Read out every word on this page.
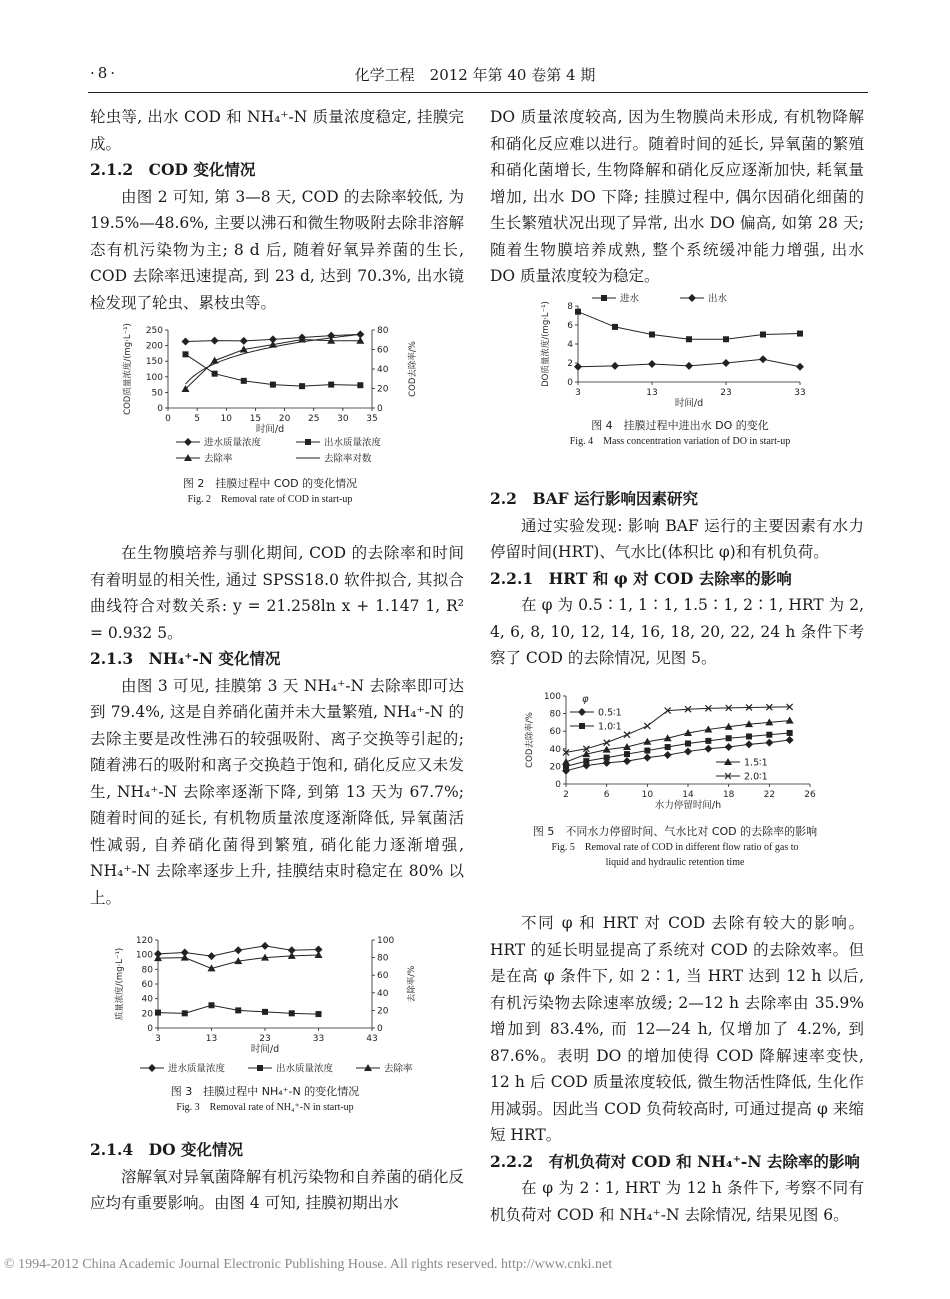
·8·	化学工程　2012 年第 40 卷第 4 期

轮虫等, 出水 COD 和 NH₄⁺-N 质量浓度稳定, 挂膜完成。

2.1.2　COD 变化情况

由图 2 可知, 第 3—8 天, COD 的去除率较低, 为 19.5%—48.6%, 主要以沸石和微生物吸附去除非溶解态有机污染物为主; 8 d 后, 随着好氧异养菌的生长, COD 去除率迅速提高, 到 23 d, 达到 70.3%, 出水镜检发现了轮虫、累枝虫等。

0	5 10 15 20 25 30 35
0
50
100
150
200
250
0
20
40
60
80
时间/d
COD质量浓度/(mg·L⁻¹)	COD去除率/%
进水质量浓度	出水质量浓度
去除率	去除率对数
图 2　挂膜过程中 COD 的变化情况
Fig. 2　Removal rate of COD in start-up

在生物膜培养与驯化期间, COD 的去除率和时间有着明显的相关性, 通过 SPSS18.0 软件拟合, 其拟合曲线符合对数关系: y = 21.258ln x + 1.147 1, R² = 0.932 5。

2.1.3　NH₄⁺-N 变化情况

由图 3 可见, 挂膜第 3 天 NH₄⁺-N 去除率即可达到 79.4%, 这是自养硝化菌并未大量繁殖, NH₄⁺-N 的去除主要是改性沸石的较强吸附、离子交换等引起的; 随着沸石的吸附和离子交换趋于饱和, 硝化反应又未发生, NH₄⁺-N 去除率逐渐下降, 到第 13 天为 67.7%; 随着时间的延长, 有机物质量浓度逐渐降低, 异氧菌活性减弱, 自养硝化菌得到繁殖, 硝化能力逐渐增强, NH₄⁺-N 去除率逐步上升, 挂膜结束时稳定在 80% 以上。

3	13	23	33	43
0
20
40
60
80
100
120
0
20
40
60
80
100
时间/d
质量浓度/(mg·L⁻¹)	去除率/%
进水质量浓度	出水质量浓度	去除率
图 3　挂膜过程中 NH₄⁺-N 的变化情况
Fig. 3　Removal rate of NH₄⁺-N in start-up

2.1.4　DO 变化情况

溶解氧对异氧菌降解有机污染物和自养菌的硝化反应均有重要影响。由图 4 可知, 挂膜初期出水

DO 质量浓度较高, 因为生物膜尚未形成, 有机物降解和硝化反应难以进行。随着时间的延长, 异氧菌的繁殖和硝化菌增长, 生物降解和硝化反应逐渐加快, 耗氧量增加, 出水 DO 下降; 挂膜过程中, 偶尔因硝化细菌的生长繁殖状况出现了异常, 出水 DO 偏高, 如第 28 天; 随着生物膜培养成熟, 整个系统缓冲能力增强, 出水 DO 质量浓度较为稳定。

3	13	23	33
0
2
4
6
8
时间/d
DO质量浓度/(mg·L⁻¹)
进水	出水
图 4　挂膜过程中进出水 DO 的变化
Fig. 4　Mass concentration variation of DO in start-up

2.2　BAF 运行影响因素研究

通过实验发现: 影响 BAF 运行的主要因素有水力停留时间(HRT)、气水比(体积比 φ)和有机负荷。

2.2.1　HRT 和 φ 对 COD 去除率的影响

在 φ 为 0.5∶1, 1∶1, 1.5∶1, 2∶1, HRT 为 2, 4, 6, 8, 10, 12, 14, 16, 18, 20, 22, 24 h 条件下考察了 COD 的去除情况, 见图 5。

2	6	10	14	18	22	26
0
20
40
60
80
100
水力停留时间/h
COD去除率/%
φ
0.5∶1
1.0∶1
1.5∶1
2.0∶1
图 5　不同水力停留时间、气水比对 COD 的去除率的影响
Fig. 5　Removal rate of COD in different flow ratio of gas to
liquid and hydraulic retention time

不同 φ 和 HRT 对 COD 去除有较大的影响。HRT 的延长明显提高了系统对 COD 的去除效率。但是在高 φ 条件下, 如 2∶1, 当 HRT 达到 12 h 以后, 有机污染物去除速率放缓; 2—12 h 去除率由 35.9% 增加到 83.4%, 而 12—24 h, 仅增加了 4.2%, 到 87.6%。表明 DO 的增加使得 COD 降解速率变快, 12 h 后 COD 质量浓度较低, 微生物活性降低, 生化作用减弱。因此当 COD 负荷较高时, 可通过提高 φ 来缩短 HRT。

2.2.2　有机负荷对 COD 和 NH₄⁺-N 去除率的影响

在 φ 为 2∶1, HRT 为 12 h 条件下, 考察不同有机负荷对 COD 和 NH₄⁺-N 去除情况, 结果见图 6。

© 1994-2012 China Academic Journal Electronic Publishing House. All rights reserved. http://www.cnki.net
